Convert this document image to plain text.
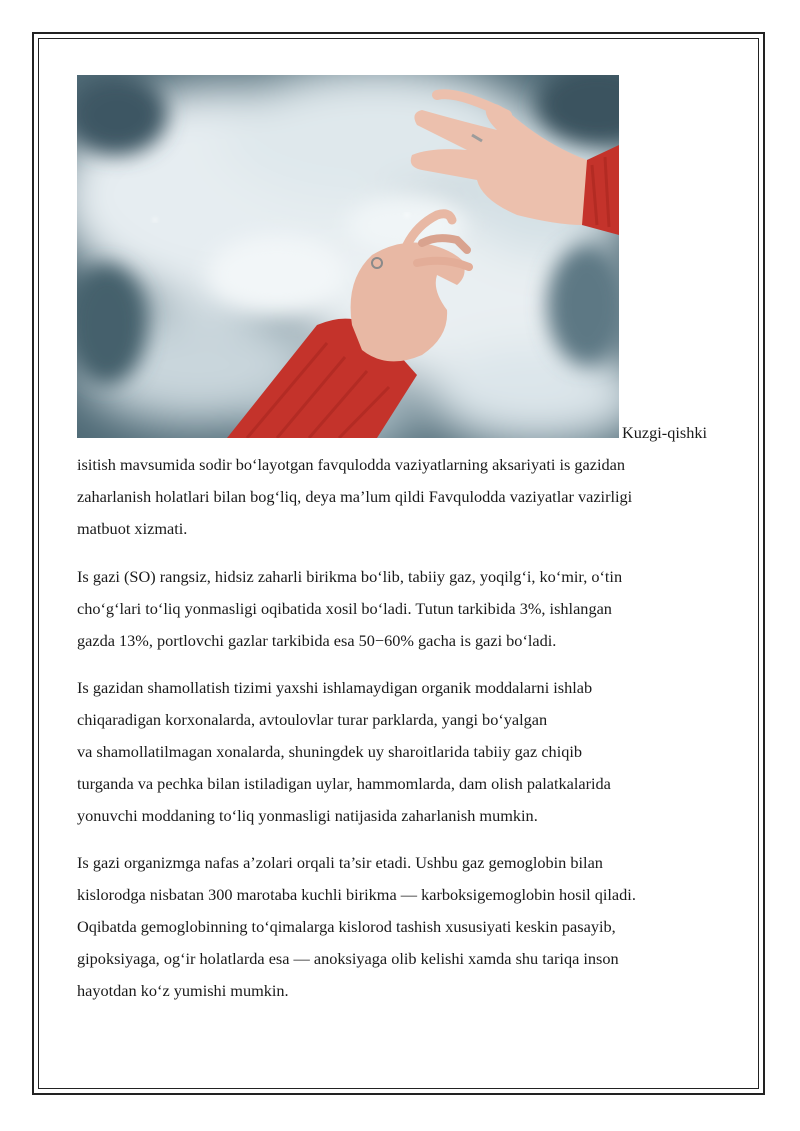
Kuzgi-qishki

isitish mavsumida sodir bo‘layotgan favqulodda vaziyatlarning aksariyati is gazidan
zaharlanish holatlari bilan bog‘liq, deya ma’lum qildi Favqulodda vaziyatlar vazirligi
matbuot xizmati.

Is gazi (SO) rangsiz, hidsiz zaharli birikma bo‘lib, tabiiy gaz, yoqilg‘i, ko‘mir, o‘tin
cho‘g‘lari to‘liq yonmasligi oqibatida xosil bo‘ladi. Tutun tarkibida 3%, ishlangan
gazda 13%, portlovchi gazlar tarkibida esa 50−60% gacha is gazi bo‘ladi.

Is gazidan shamollatish tizimi yaxshi ishlamaydigan organik moddalarni ishlab
chiqaradigan korxonalarda, avtoulovlar turar parklarda, yangi bo‘yalgan
va shamollatilmagan xonalarda, shuningdek uy sharoitlarida tabiiy gaz chiqib
turganda va pechka bilan istiladigan uylar, hammomlarda, dam olish palatkalarida
yonuvchi moddaning to‘liq yonmasligi natijasida zaharlanish mumkin.

Is gazi organizmga nafas a’zolari orqali ta’sir etadi. Ushbu gaz gemoglobin bilan
kislorodga nisbatan 300 marotaba kuchli birikma — karboksigemoglobin hosil qiladi.
Oqibatda gemoglobinning to‘qimalarga kislorod tashish xususiyati keskin pasayib,
gipoksiyaga, og‘ir holatlarda esa — anoksiyaga olib kelishi xamda shu tariqa inson
hayotdan ko‘z yumishi mumkin.
